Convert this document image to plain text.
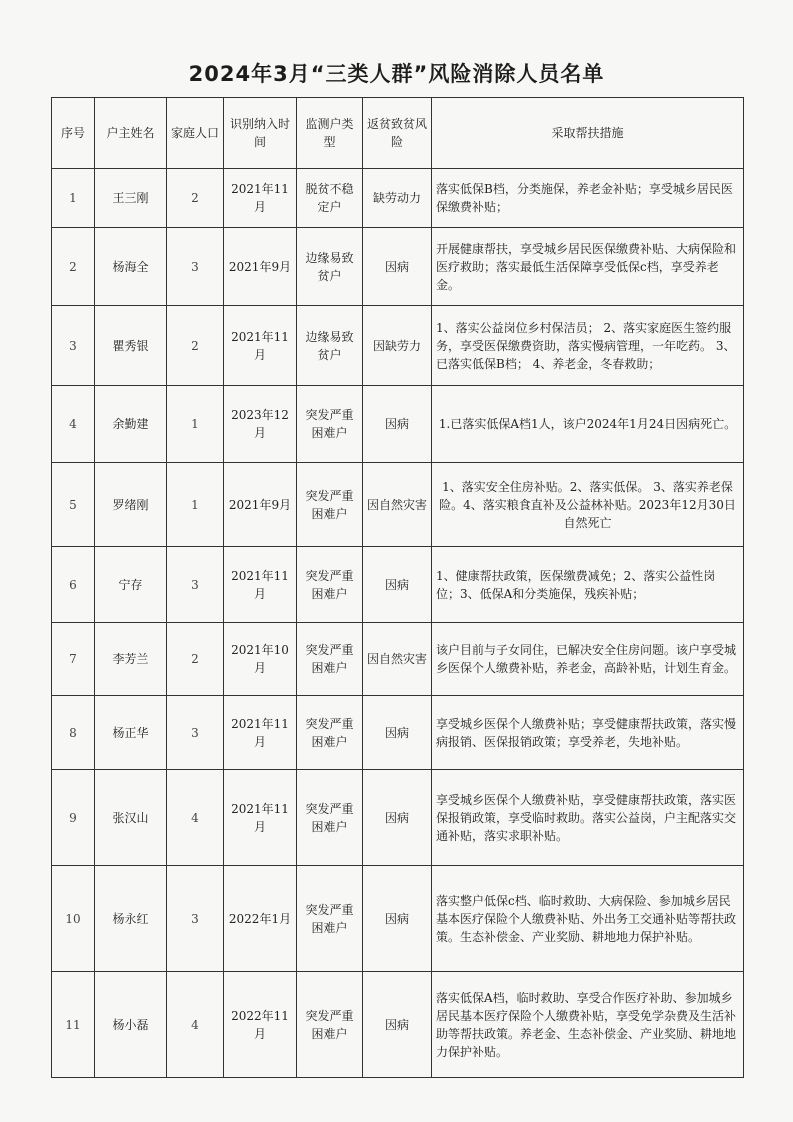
2024年3月“三类人群”风险消除人员名单
序号	户主姓名	家庭人口	识别纳入时间	监测户类型	返贫致贫风险	采取帮扶措施
1	王三刚	2	2021年11月	脱贫不稳定户	缺劳动力	落实低保B档，分类施保，养老金补贴；享受城乡居民医保缴费补贴；
2	杨海全	3	2021年9月	边缘易致贫户	因病	开展健康帮扶，享受城乡居民医保缴费补贴、大病保险和医疗救助；落实最低生活保障享受低保c档，享受养老金。
3	瞿秀银	2	2021年11月	边缘易致贫户	因缺劳力	1、落实公益岗位乡村保洁员； 2、落实家庭医生签约服务，享受医保缴费资助，落实慢病管理，一年吃药。 3、已落实低保B档； 4、养老金，冬春救助；
4	余勤建	1	2023年12月	突发严重困难户	因病	1.已落实低保A档1人，该户2024年1月24日因病死亡。
5	罗绪刚	1	2021年9月	突发严重困难户	因自然灾害	1、落实安全住房补贴。2、落实低保。 3、落实养老保险。4、落实粮食直补及公益林补贴。2023年12月30日自然死亡
6	宁存	3	2021年11月	突发严重困难户	因病	1、健康帮扶政策，医保缴费减免；2、落实公益性岗位；3、低保A和分类施保，残疾补贴；
7	李芳兰	2	2021年10月	突发严重困难户	因自然灾害	该户目前与子女同住，已解决安全住房问题。该户享受城乡医保个人缴费补贴，养老金，高龄补贴，计划生育金。
8	杨正华	3	2021年11月	突发严重困难户	因病	享受城乡医保个人缴费补贴；享受健康帮扶政策，落实慢病报销、医保报销政策；享受养老，失地补贴。
9	张汉山	4	2021年11月	突发严重困难户	因病	享受城乡医保个人缴费补贴，享受健康帮扶政策，落实医保报销政策，享受临时救助。落实公益岗，户主配落实交通补贴，落实求职补贴。
10	杨永红	3	2022年1月	突发严重困难户	因病	落实整户低保c档、临时救助、大病保险、参加城乡居民基本医疗保险个人缴费补贴、外出务工交通补贴等帮扶政策。生态补偿金、产业奖励、耕地地力保护补贴。
11	杨小磊	4	2022年11月	突发严重困难户	因病	落实低保A档，临时救助、享受合作医疗补助、参加城乡居民基本医疗保险个人缴费补贴，享受免学杂费及生活补助等帮扶政策。养老金、生态补偿金、产业奖励、耕地地力保护补贴。
